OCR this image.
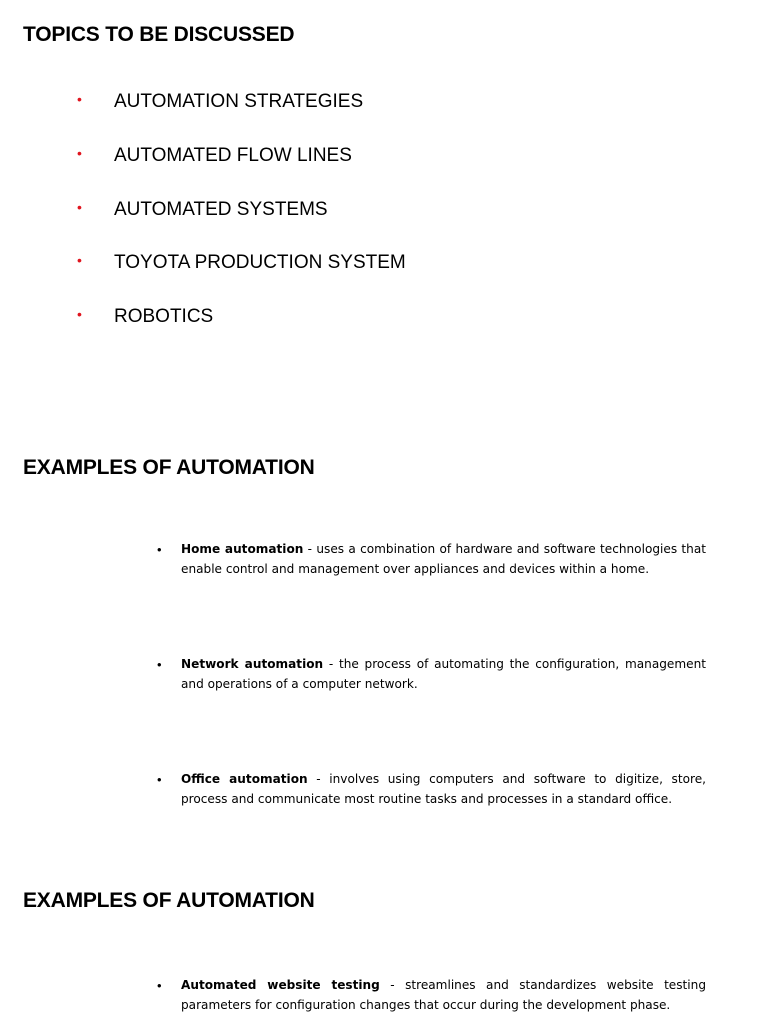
TOPICS TO BE DISCUSSED
• AUTOMATION STRATEGIES
• AUTOMATED FLOW LINES
• AUTOMATED SYSTEMS
• TOYOTA PRODUCTION SYSTEM
• ROBOTICS
EXAMPLES OF AUTOMATION
• Home automation - uses a combination of hardware and software technologies that enable control and management over appliances and devices within a home.
• Network automation - the process of automating the configuration, management and operations of a computer network.
• Office automation - involves using computers and software to digitize, store, process and communicate most routine tasks and processes in a standard office.
EXAMPLES OF AUTOMATION
• Automated website testing - streamlines and standardizes website testing parameters for configuration changes that occur during the development phase.
